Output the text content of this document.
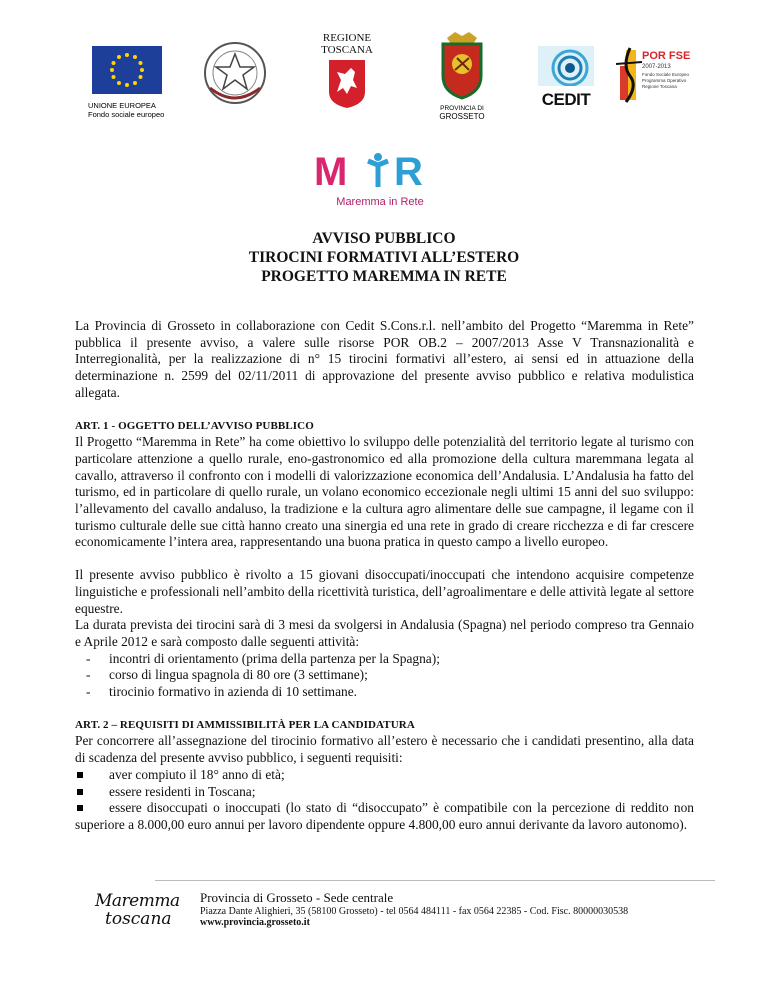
UNIONE EUROPEA
Fondo sociale europeo
REGIONE
TOSCANA
PROVINCIA DI
GROSSETO
CEDIT
POR FSE
2007-2013
Fondo Sociale Europeo
Programma Operativo
Regione Toscana
M R
Maremma in Rete
AVVISO PUBBLICO
TIROCINI FORMATIVI ALL’ESTERO
PROGETTO MAREMMA IN RETE

La Provincia di Grosseto in collaborazione con Cedit S.Cons.r.l. nell’ambito del Progetto “Maremma in Rete” pubblica il presente avviso, a valere sulle risorse POR OB.2 – 2007/2013 Asse V Transnazionalità e Interregionalità, per la realizzazione di n° 15 tirocini formativi all’estero, ai sensi ed in attuazione della determinazione n. 2599 del 02/11/2011 di approvazione del presente avviso pubblico e relativa modulistica allegata.

ART. 1 - OGGETTO DELL’AVVISO PUBBLICO

Il Progetto “Maremma in Rete” ha come obiettivo lo sviluppo delle potenzialità del territorio legate al turismo con particolare attenzione a quello rurale, eno-gastronomico ed alla promozione della cultura maremmana legata al cavallo, attraverso il confronto con i modelli di valorizzazione economica dell’Andalusia. L’Andalusia ha fatto del turismo, ed in particolare di quello rurale, un volano economico eccezionale negli ultimi 15 anni del suo sviluppo: l’allevamento del cavallo andaluso, la tradizione e la cultura agro alimentare delle sue campagne, il legame con il turismo culturale delle sue città hanno creato una sinergia ed una rete in grado di creare ricchezza e di far crescere economicamente l’intera area, rappresentando una buona pratica in questo campo a livello europeo.

Il presente avviso pubblico è rivolto a 15 giovani disoccupati/inoccupati che intendono acquisire competenze linguistiche e professionali nell’ambito della ricettività turistica, dell’agroalimentare e delle attività legate al settore equestre.

La durata prevista dei tirocini sarà di 3 mesi da svolgersi in Andalusia (Spagna) nel periodo compreso tra Gennaio e Aprile 2012 e sarà composto dalle seguenti attività:

- incontri di orientamento (prima della partenza per la Spagna);
- corso di lingua spagnola di 80 ore (3 settimane);
- tirocinio formativo in azienda di 10 settimane.

ART. 2 – REQUISITI DI AMMISSIBILITÀ PER LA CANDIDATURA

Per concorrere all’assegnazione del tirocinio formativo all’estero è necessario che i candidati presentino, alla data di scadenza del presente avviso pubblico, i seguenti requisiti:

aver compiuto il 18° anno di età;
essere residenti in Toscana;
essere disoccupati o inoccupati (lo stato di “disoccupato” è compatibile con la percezione di reddito non superiore a 8.000,00 euro annui per lavoro dipendente oppure 4.800,00 euro annui derivante da lavoro autonomo).
Maremma
toscana
Provincia di Grosseto - Sede centrale
Piazza Dante Alighieri, 35 (58100 Grosseto) - tel 0564 484111 - fax 0564 22385 - Cod. Fisc. 80000030538
www.provincia.grosseto.it
